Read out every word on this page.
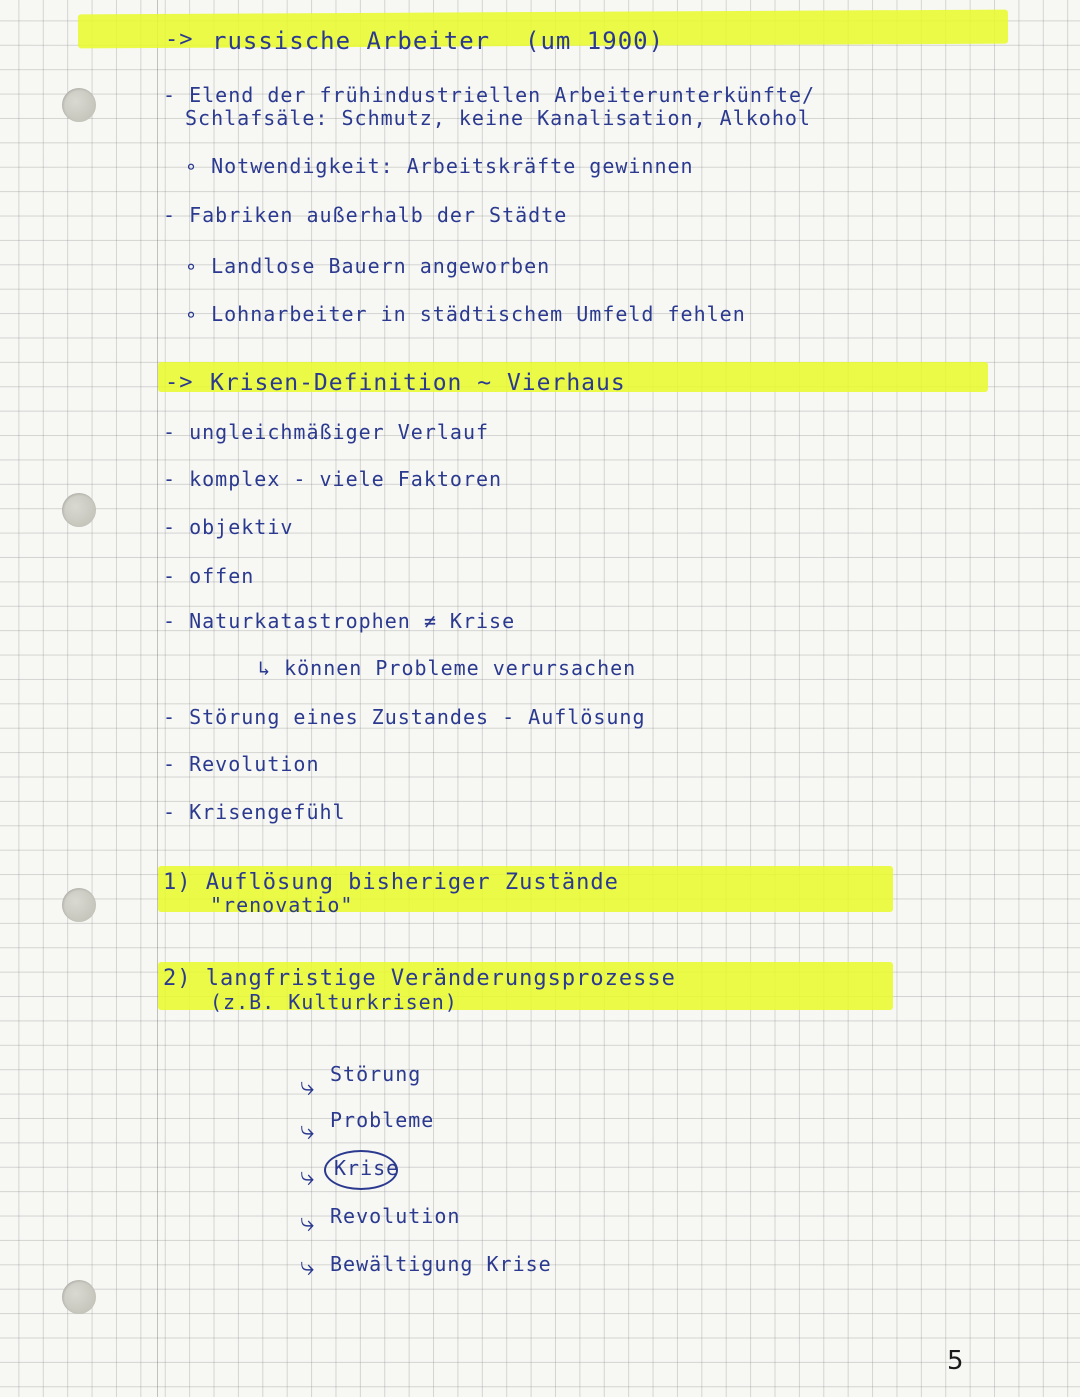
-> russische Arbeiter (um 1900)
- Elend der frühindustriellen Arbeiterunterkünfte/
Schlafsäle: Schmutz, keine Kanalisation, Alkohol
∘ Notwendigkeit: Arbeitskräfte gewinnen
- Fabriken außerhalb der Städte
∘ Landlose Bauern angeworben
∘ Lohnarbeiter in städtischem Umfeld fehlen
-> Krisen-Definition ~ Vierhaus
- ungleichmäßiger Verlauf
- komplex - viele Faktoren
- objektiv
- offen
- Naturkatastrophen ≠ Krise
↳ können Probleme verursachen
- Störung eines Zustandes - Auflösung
- Revolution
- Krisengefühl
1) Auflösung bisheriger Zustände
"renovatio"
2) langfristige Veränderungsprozesse
(z.B. Kulturkrisen)
⤷ Störung
⤷ Probleme
⤷ Krise
⤷ Revolution
⤷ Bewältigung Krise
5
